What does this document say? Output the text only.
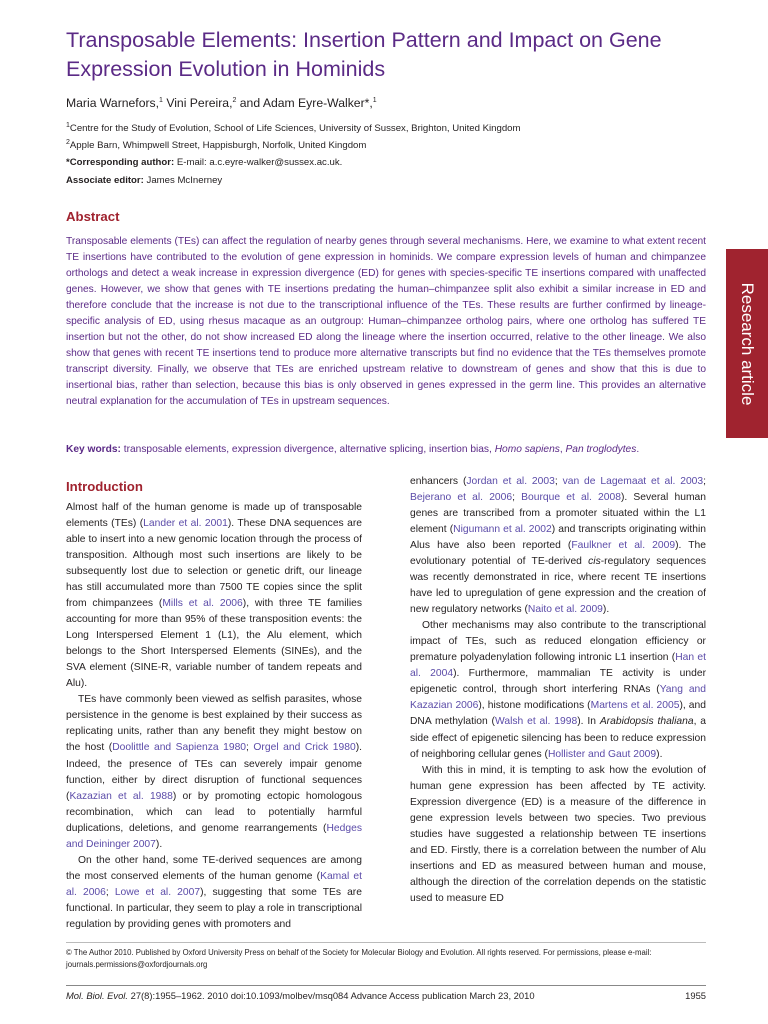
Transposable Elements: Insertion Pattern and Impact on Gene Expression Evolution in Hominids
Maria Warnefors,$^1$ Vini Pereira,$^2$ and Adam Eyre-Walker*,$^1$
$^1$Centre for the Study of Evolution, School of Life Sciences, University of Sussex, Brighton, United Kingdom
$^2$Apple Barn, Whimpwell Street, Happisburgh, Norfolk, United Kingdom
*Corresponding author: E-mail: a.c.eyre-walker@sussex.ac.uk.
Associate editor: James McInerney
Abstract

Transposable elements (TEs) can affect the regulation of nearby genes through several mechanisms. Here, we examine to what extent recent TE insertions have contributed to the evolution of gene expression in hominids. We compare expression levels of human and chimpanzee orthologs and detect a weak increase in expression divergence (ED) for genes with species-specific TE insertions compared with unaffected genes. However, we show that genes with TE insertions predating the human–chimpanzee split also exhibit a similar increase in ED and therefore conclude that the increase is not due to the transcriptional influence of the TEs. These results are further confirmed by lineage-specific analysis of ED, using rhesus macaque as an outgroup: Human–chimpanzee ortholog pairs, where one ortholog has suffered TE insertion but not the other, do not show increased ED along the lineage where the insertion occurred, relative to the other lineage. We also show that genes with recent TE insertions tend to produce more alternative transcripts but find no evidence that the TEs themselves promote transcript diversity. Finally, we observe that TEs are enriched upstream relative to downstream of genes and show that this is due to insertional bias, rather than selection, because this bias is only observed in genes expressed in the germ line. This provides an alternative neutral explanation for the accumulation of TEs in upstream sequences.

Key words: transposable elements, expression divergence, alternative splicing, insertion bias, Homo sapiens, Pan troglodytes.
Research article
Introduction

Almost half of the human genome is made up of transposable elements (TEs) (Lander et al. 2001). These DNA sequences are able to insert into a new genomic location through the process of transposition. Although most such insertions are likely to be subsequently lost due to selection or genetic drift, our lineage has still accumulated more than 7500 TE copies since the split from chimpanzees (Mills et al. 2006), with three TE families accounting for more than 95% of these transposition events: the Long Interspersed Element 1 (L1), the Alu element, which belongs to the Short Interspersed Elements (SINEs), and the SVA element (SINE-R, variable number of tandem repeats and Alu).

TEs have commonly been viewed as selfish parasites, whose persistence in the genome is best explained by their success as replicating units, rather than any benefit they might bestow on the host (Doolittle and Sapienza 1980; Orgel and Crick 1980). Indeed, the presence of TEs can severely impair genome function, either by direct disruption of functional sequences (Kazazian et al. 1988) or by promoting ectopic homologous recombination, which can lead to potentially harmful duplications, deletions, and genome rearrangements (Hedges and Deininger 2007).

On the other hand, some TE-derived sequences are among the most conserved elements of the human genome (Kamal et al. 2006; Lowe et al. 2007), suggesting that some TEs are functional. In particular, they seem to play a role in transcriptional regulation by providing genes with promoters and

enhancers (Jordan et al. 2003; van de Lagemaat et al. 2003; Bejerano et al. 2006; Bourque et al. 2008). Several human genes are transcribed from a promoter situated within the L1 element (Nigumann et al. 2002) and transcripts originating within Alus have also been reported (Faulkner et al. 2009). The evolutionary potential of TE-derived cis-regulatory sequences was recently demonstrated in rice, where recent TE insertions have led to upregulation of gene expression and the creation of new regulatory networks (Naito et al. 2009).

Other mechanisms may also contribute to the transcriptional impact of TEs, such as reduced elongation efficiency or premature polyadenylation following intronic L1 insertion (Han et al. 2004). Furthermore, mammalian TE activity is under epigenetic control, through short interfering RNAs (Yang and Kazazian 2006), histone modifications (Martens et al. 2005), and DNA methylation (Walsh et al. 1998). In Arabidopsis thaliana, a side effect of epigenetic silencing has been to reduce expression of neighboring cellular genes (Hollister and Gaut 2009).

With this in mind, it is tempting to ask how the evolution of human gene expression has been affected by TE activity. Expression divergence (ED) is a measure of the difference in gene expression levels between two species. Two previous studies have suggested a relationship between TE insertions and ED. Firstly, there is a correlation between the number of Alu insertions and ED as measured between human and mouse, although the direction of the correlation depends on the statistic used to measure ED

© The Author 2010. Published by Oxford University Press on behalf of the Society for Molecular Biology and Evolution. All rights reserved. For permissions, please e-mail: journals.permissions@oxfordjournals.org
Mol. Biol. Evol. 27(8):1955–1962. 2010 doi:10.1093/molbev/msq084 Advance Access publication March 23, 2010	1955
